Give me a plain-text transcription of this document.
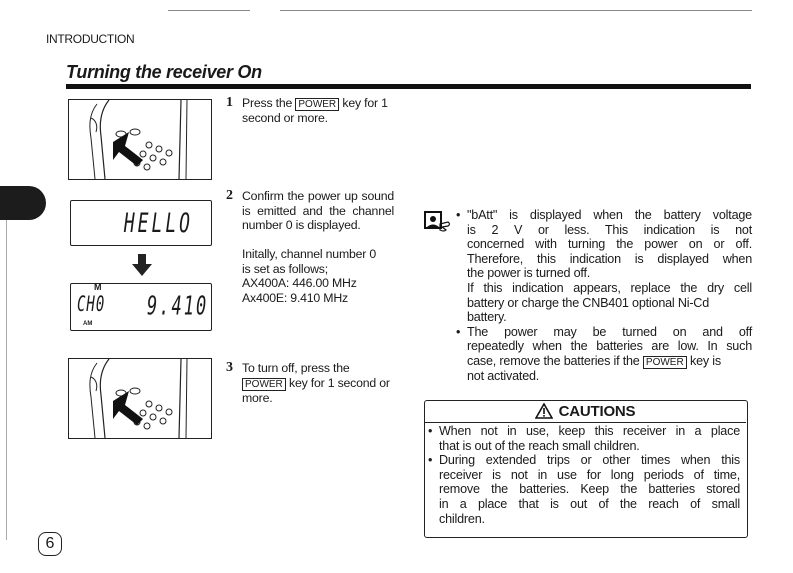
INTRODUCTION
Turning the receiver On
1 Press the POWER key for 1 second or more.
HELLO
M
CH0
AM
9.410
2 Confirm the power up sound is emitted and the channel number 0 is displayed.
Initally, channel number 0
is set as follows;
AX400A: 446.00 MHz
Ax400E: 9.410 MHz
3 To turn off, press the POWER key for 1 second or more.
• "bAtt" is displayed when the battery voltage
is 2 V or less. This indication is not
concerned with turning the power on or off.
Therefore, this indication is displayed when
the power is turned off.
If this indication appears, replace the dry cell
battery or charge the CNB401 optional Ni-Cd
battery.
• The power may be turned on and off
repeatedly when the batteries are low. In such
case, remove the batteries if the POWER key is
not activated.
CAUTIONS
• When not in use, keep this receiver in a place
that is out of the reach small children.
• During extended trips or other times when this
receiver is not in use for long periods of time,
remove the batteries. Keep the batteries stored
in a place that is out of the reach of small
children.
6
